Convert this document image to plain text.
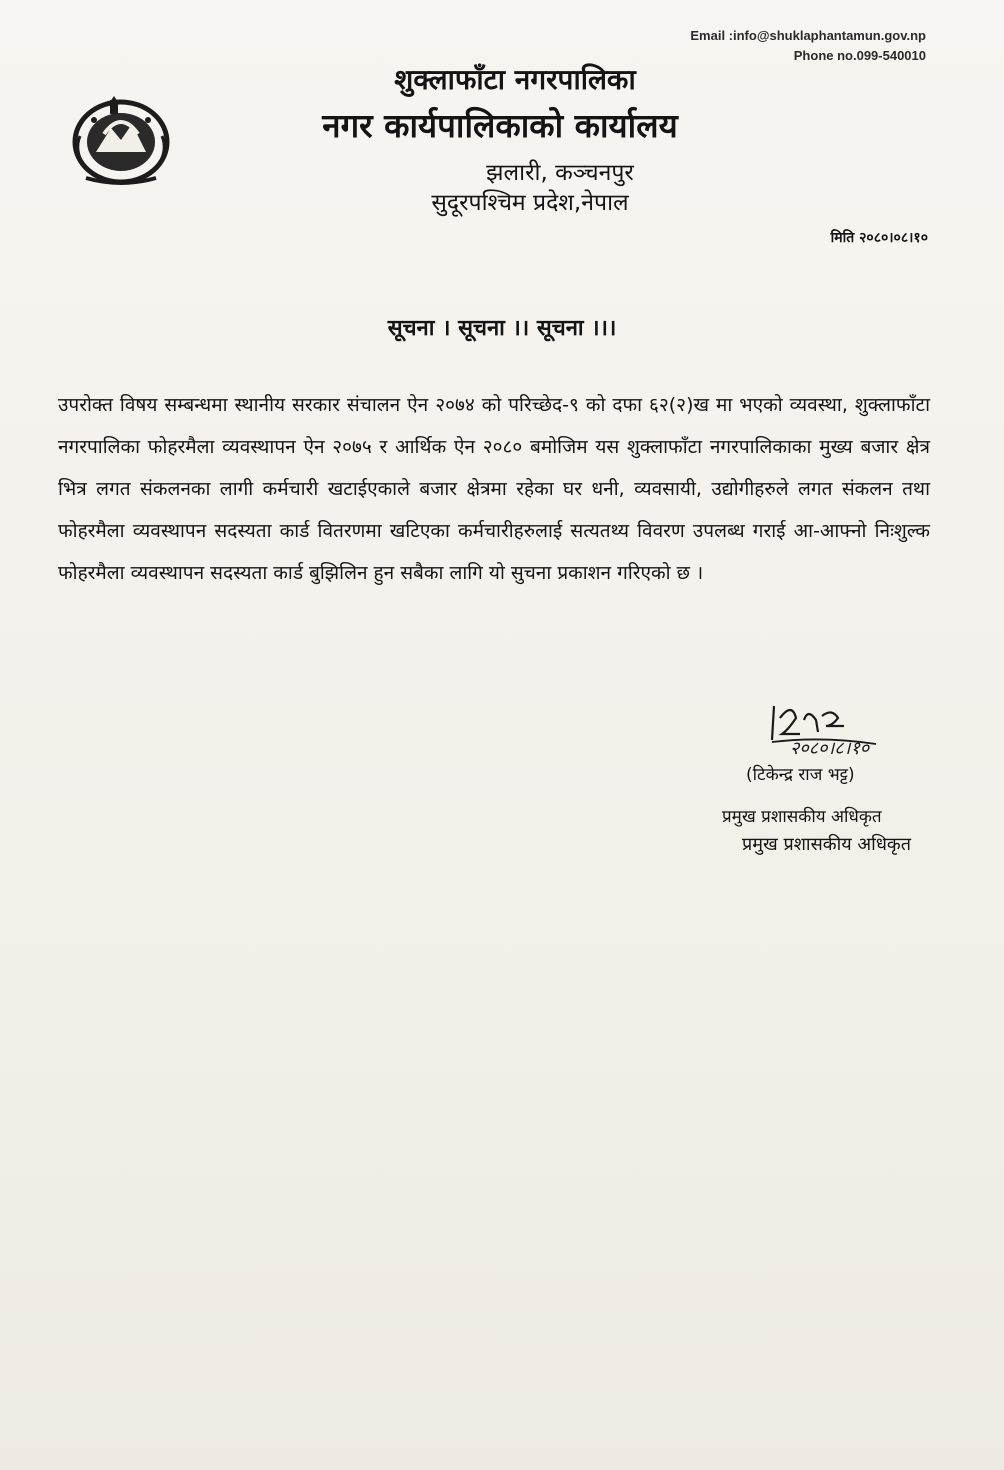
Email :info@shuklaphantamun.gov.np
Phone no.099-540010
शुक्लाफाँटा नगरपालिका
नगर कार्यपालिकाको कार्यालय
झलारी, कञ्चनपुर
सुदूरपश्चिम प्रदेश,नेपाल
मिति २०८०।०८।१०
सूचना । सूचना ।। सूचना ।।।
उपरोक्त विषय सम्बन्धमा स्थानीय सरकार संचालन ऐन २०७४ को परिच्छेद-९ को दफा ६२(२)ख मा भएको व्यवस्था, शुक्लाफाँटा नगरपालिका फोहरमैला व्यवस्थापन ऐन २०७५ र आर्थिक ऐन २०८० बमोजिम यस शुक्लाफाँटा नगरपालिकाका मुख्य बजार क्षेत्र भित्र लगत संकलनका लागी कर्मचारी खटाईएकाले बजार क्षेत्रमा रहेका घर धनी, व्यवसायी, उद्योगीहरुले लगत संकलन तथा फोहरमैला व्यवस्थापन सदस्यता कार्ड वितरणमा खटिएका कर्मचारीहरुलाई सत्यतथ्य विवरण उपलब्ध गराई आ-आफ्नो निःशुल्क फोहरमैला व्यवस्थापन सदस्यता कार्ड बुझिलिन हुन सबैका लागि यो सुचना प्रकाशन गरिएको छ ।
२०८०।८।१०
(टिकेन्द्र राज भट्ट)
प्रमुख प्रशासकीय अधिकृत
प्रमुख प्रशासकीय अधिकृत
